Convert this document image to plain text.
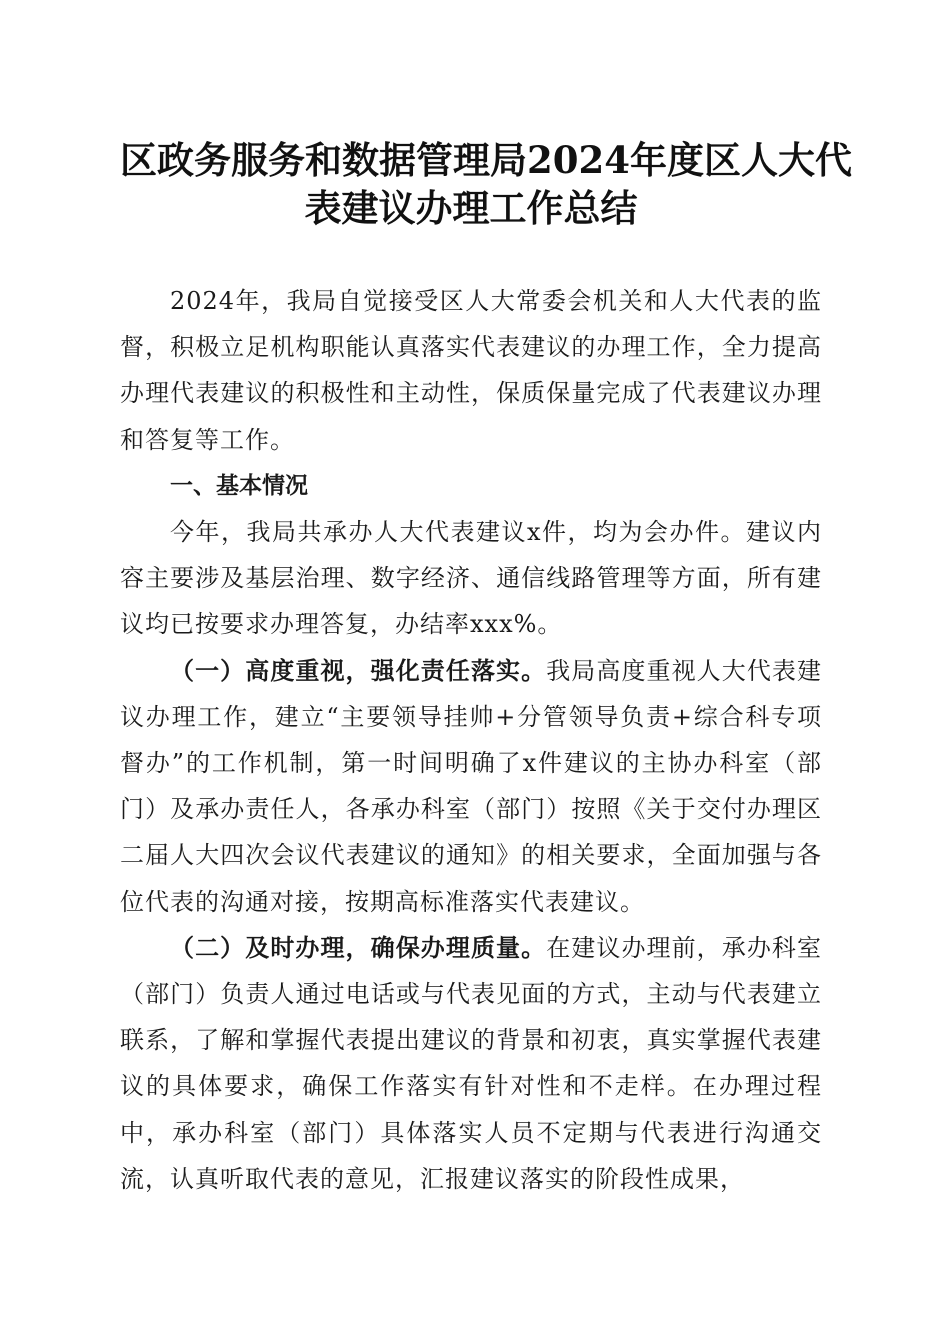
区政务服务和数据管理局2024年度区人大代
表建议办理工作总结

2024年，我局自觉接受区人大常委会机关和人大代表的监督，积极立足机构职能认真落实代表建议的办理工作，全力提高办理代表建议的积极性和主动性，保质保量完成了代表建议办理和答复等工作。

一、基本情况

今年，我局共承办人大代表建议x件，均为会办件。建议内容主要涉及基层治理、数字经济、通信线路管理等方面，所有建议均已按要求办理答复，办结率xxx%。

（一）高度重视，强化责任落实。我局高度重视人大代表建议办理工作，建立“主要领导挂帅+分管领导负责+综合科专项督办”的工作机制，第一时间明确了x件建议的主协办科室（部门）及承办责任人，各承办科室（部门）按照《关于交付办理区二届人大四次会议代表建议的通知》的相关要求，全面加强与各位代表的沟通对接，按期高标准落实代表建议。

（二）及时办理，确保办理质量。在建议办理前，承办科室（部门）负责人通过电话或与代表见面的方式，主动与代表建立联系，了解和掌握代表提出建议的背景和初衷，真实掌握代表建议的具体要求，确保工作落实有针对性和不走样。在办理过程中，承办科室（部门）具体落实人员不定期与代表进行沟通交流，认真听取代表的意见，汇报建议落实的阶段性成果，
